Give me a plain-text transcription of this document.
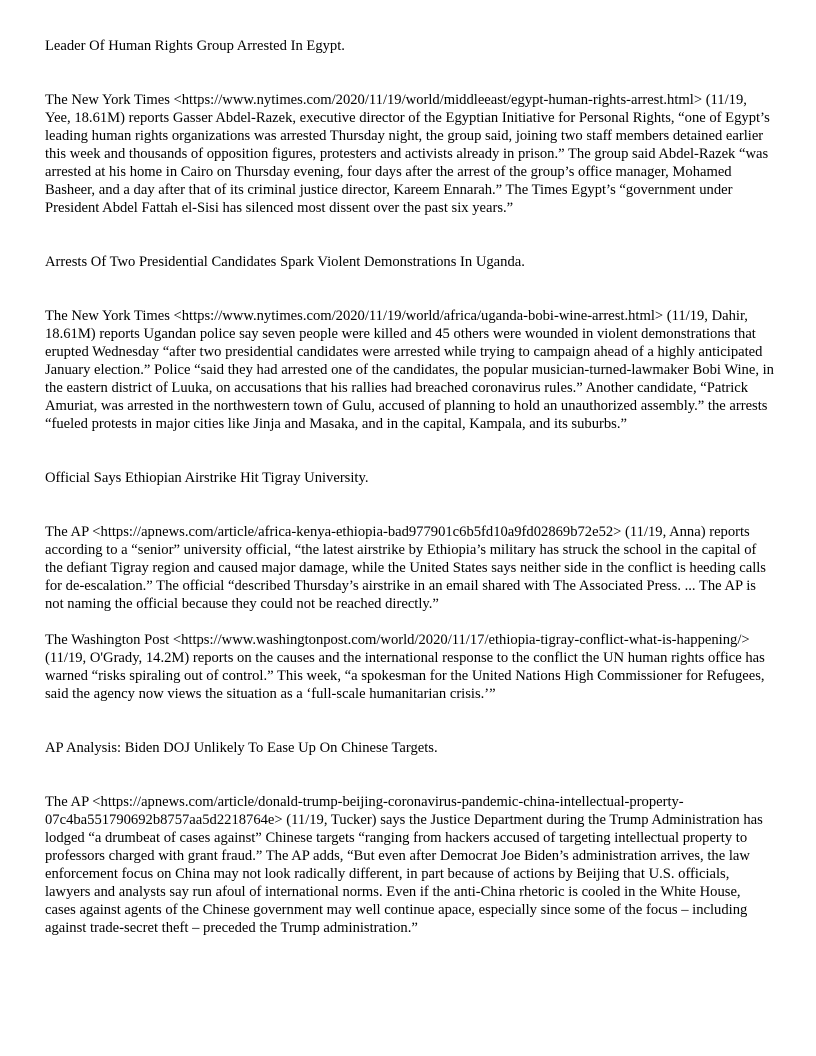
Leader Of Human Rights Group Arrested In Egypt.

The New York Times <https://www.nytimes.com/2020/11/19/world/middleeast/egypt-human-rights-arrest.html> (11/19, Yee, 18.61M) reports Gasser Abdel-Razek, executive director of the Egyptian Initiative for Personal Rights, “one of Egypt’s leading human rights organizations was arrested Thursday night, the group said, joining two staff members detained earlier this week and thousands of opposition figures, protesters and activists already in prison.” The group said Abdel-Razek “was arrested at his home in Cairo on Thursday evening, four days after the arrest of the group’s office manager, Mohamed Basheer, and a day after that of its criminal justice director, Kareem Ennarah.” The Times Egypt’s “government under President Abdel Fattah el-Sisi has silenced most dissent over the past six years.”

Arrests Of Two Presidential Candidates Spark Violent Demonstrations In Uganda.

The New York Times <https://www.nytimes.com/2020/11/19/world/africa/uganda-bobi-wine-arrest.html> (11/19, Dahir, 18.61M) reports Ugandan police say seven people were killed and 45 others were wounded in violent demonstrations that erupted Wednesday “after two presidential candidates were arrested while trying to campaign ahead of a highly anticipated January election.” Police “said they had arrested one of the candidates, the popular musician-turned-lawmaker Bobi Wine, in the eastern district of Luuka, on accusations that his rallies had breached coronavirus rules.” Another candidate, “Patrick Amuriat, was arrested in the northwestern town of Gulu, accused of planning to hold an unauthorized assembly.” the arrests “fueled protests in major cities like Jinja and Masaka, and in the capital, Kampala, and its suburbs.”

Official Says Ethiopian Airstrike Hit Tigray University.

The AP <https://apnews.com/article/africa-kenya-ethiopia-bad977901c6b5fd10a9fd02869b72e52> (11/19, Anna) reports according to a “senior” university official, “the latest airstrike by Ethiopia’s military has struck the school in the capital of the defiant Tigray region and caused major damage, while the United States says neither side in the conflict is heeding calls for de-escalation.” The official “described Thursday’s airstrike in an email shared with The Associated Press. ... The AP is not naming the official because they could not be reached directly.”

The Washington Post <https://www.washingtonpost.com/world/2020/11/17/ethiopia-tigray-conflict-what-is-happening/> (11/19, O'Grady, 14.2M) reports on the causes and the international response to the conflict the UN human rights office has warned “risks spiraling out of control.” This week, “a spokesman for the United Nations High Commissioner for Refugees, said the agency now views the situation as a ‘full-scale humanitarian crisis.’”

AP Analysis: Biden DOJ Unlikely To Ease Up On Chinese Targets.

The AP <https://apnews.com/article/donald-trump-beijing-coronavirus-pandemic-china-intellectual-property-07c4ba551790692b8757aa5d2218764e> (11/19, Tucker) says the Justice Department during the Trump Administration has lodged “a drumbeat of cases against” Chinese targets “ranging from hackers accused of targeting intellectual property to professors charged with grant fraud.” The AP adds, “But even after Democrat Joe Biden’s administration arrives, the law enforcement focus on China may not look radically different, in part because of actions by Beijing that U.S. officials, lawyers and analysts say run afoul of international norms. Even if the anti-China rhetoric is cooled in the White House, cases against agents of the Chinese government may well continue apace, especially since some of the focus – including against trade-secret theft – preceded the Trump administration.”
